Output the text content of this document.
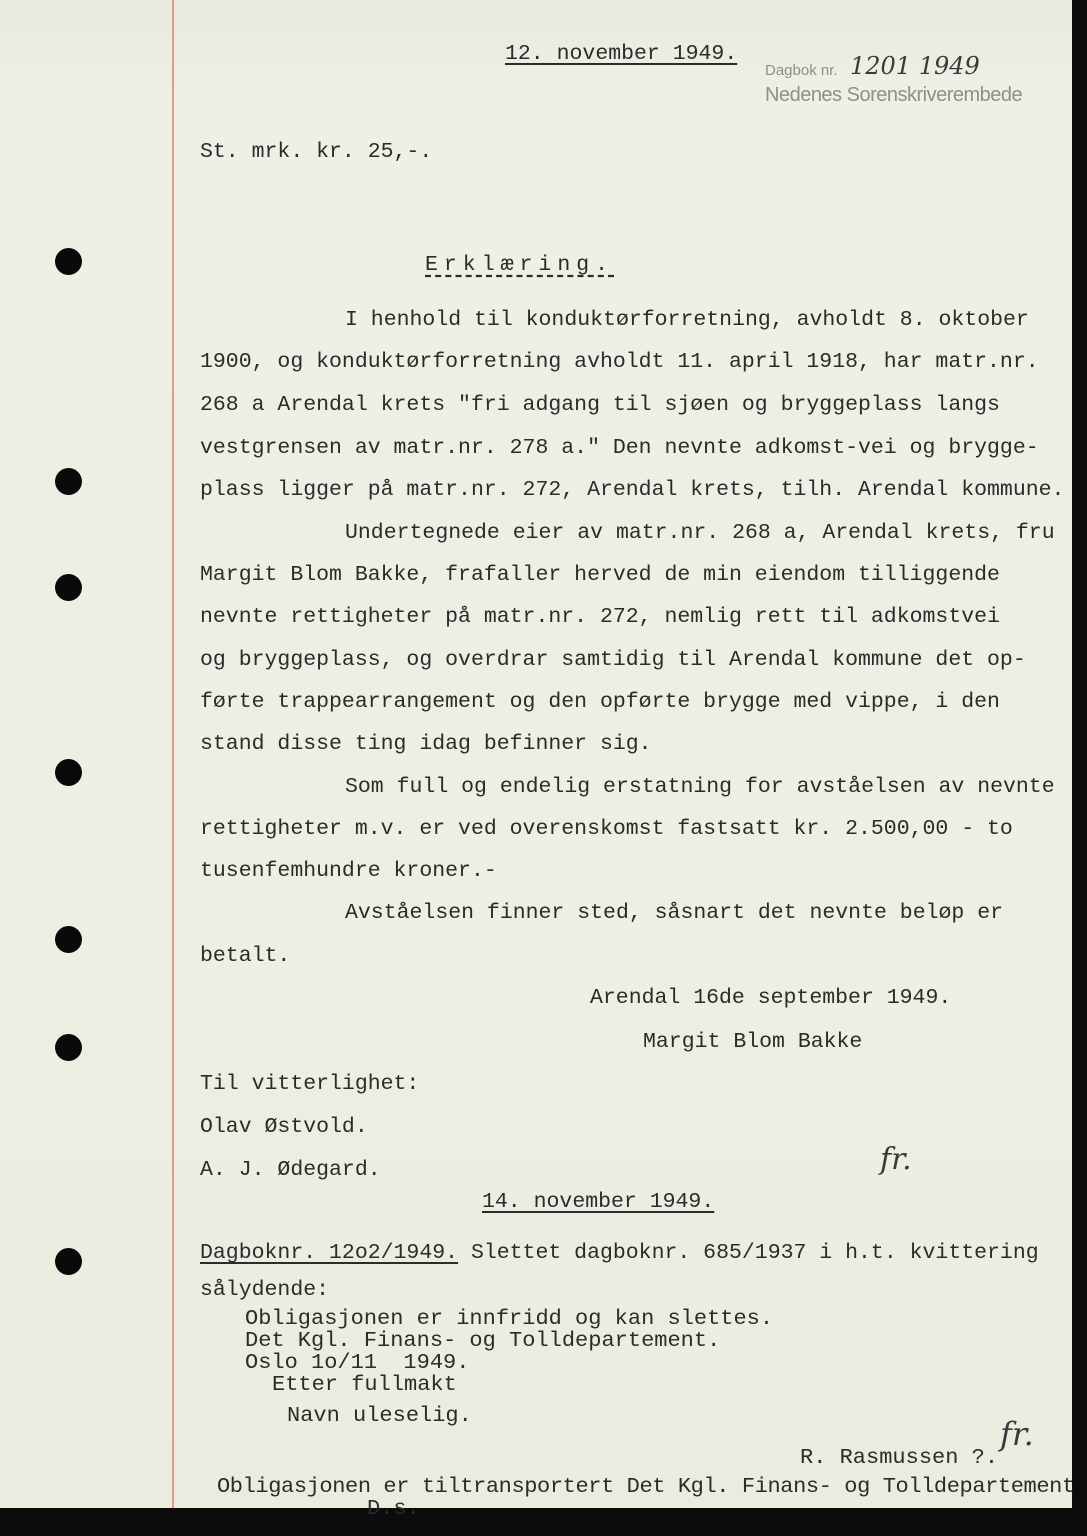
12. november 1949.
Dagbok nr. 1201 1949
Nedenes Sorenskriverembede
St. mrk. kr. 25,-.
Erklæring.
I henhold til konduktørforretning, avholdt 8. oktober
1900, og konduktørforretning avholdt 11. april 1918, har matr.nr.
268 a Arendal krets "fri adgang til sjøen og bryggeplass langs
vestgrensen av matr.nr. 278 a." Den nevnte adkomst-vei og brygge-
plass ligger på matr.nr. 272, Arendal krets, tilh. Arendal kommune.
Undertegnede eier av matr.nr. 268 a, Arendal krets, fru
Margit Blom Bakke, frafaller herved de min eiendom tilliggende
nevnte rettigheter på matr.nr. 272, nemlig rett til adkomstvei
og bryggeplass, og overdrar samtidig til Arendal kommune det op-
førte trappearrangement og den opførte brygge med vippe, i den
stand disse ting idag befinner sig.
Som full og endelig erstatning for avståelsen av nevnte
rettigheter m.v. er ved overenskomst fastsatt kr. 2.500,00 - to
tusenfemhundre kroner.-
Avståelsen finner sted, såsnart det nevnte beløp er
betalt.
Arendal 16de september 1949.
Margit Blom Bakke
Til vitterlighet:
Olav Østvold.
A. J. Ødegard.	fr.
14. november 1949.
Dagboknr. 12o2/1949. Slettet dagboknr. 685/1937 i h.t. kvittering
sålydende:
Obligasjonen er innfridd og kan slettes.
Det Kgl. Finans- og Tolldepartement.
Oslo 1o/11  1949.
Etter fullmakt
Navn uleselig.	fr.
R. Rasmussen ?.
Obligasjonen er tiltransportert Det Kgl. Finans- og Tolldepartement
D.s.
